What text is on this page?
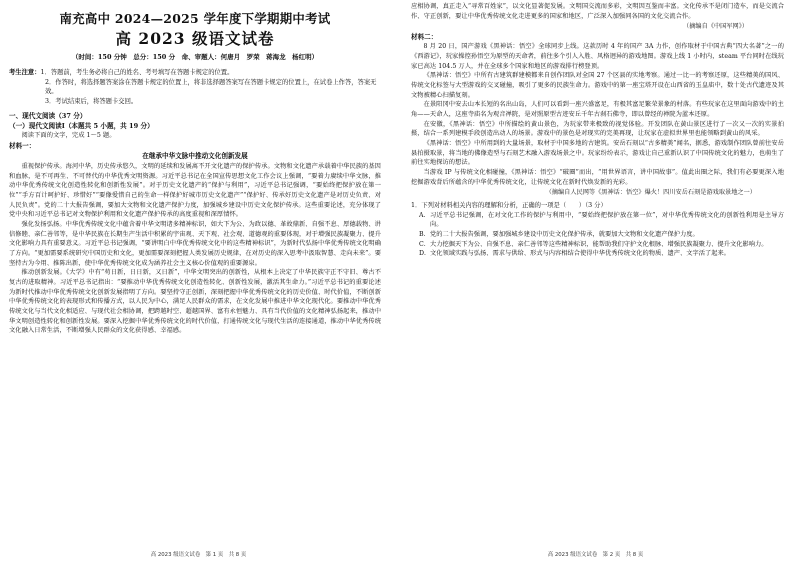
南充高中 2024—2025 学年度下学期期中考试
高 2023 级语文试卷
（时间：150 分钟　总分：150 分　命、审题人：何唐月　罗荣　蒋海龙　杨红明）
考生注意： 1．答题前，考生务必将自己的姓名、考号填写在答题卡规定的位置。
2．作答时，将选择题答案涂在答题卡规定的位置上，将非选择题答案写在答题卡规定的位置上，在试卷上作答，答案无效。
3．考试结束后，将答题卡交回。
一、现代文阅读（37 分）
（一）现代文阅读Ⅰ（本题共 5 小题，共 19 分）

阅读下面的文字，完成 1～5 题。

材料一：
在继承中华文脉中推动文化创新发展

重视保护传承。海河中华，历史传承悠久，文明的延续和发展离不开文化遗产的保护传承。文物和文化遗产承载着中华民族的基因和血脉，是不可再生、不可替代的中华优秀文明资源。习近平总书记在全国宣传思想文化工作会议上强调，“要着力赓续中华文脉，推动中华优秀传统文化创造性转化和创新性发展”。对于历史文化遗产的“保护与利用”，习近平总书记强调，“要始终把保护放在第一位”“手方百计呵护好、珍惜好”“要像爱惜自己的生命一样保护好城市历史文化遗产”“保护好、传承好历史文化遗产是对历史负责、对人民负责”。党的二十大报告强调，要加大文物和文化遗产保护力度，加强城乡建设中历史文化保护传承。这些重要论述，充分体现了党中央和习近平总书记对文物保护利用和文化遗产保护传承的高度重视和深厚情怀。

强化发扬弘扬。中华优秀传统文化中蕴含着中华文明诸多精神标识，如大下为公、为政以德、革故鼎新、自强不息、厚德载物、讲信修睦、亲仁善邻等，是中华民族在长期生产生活中积累的宇宙观、天下观、社会观、道德观的重要体现，对于增强民族凝聚力、提升文化影响力具有重要意义。习近平总书记强调，“要讲明白中华优秀传统文化中的这些精神标识”，为新时代弘扬中华优秀传统文化明确了方向。“更加需要系统研究中国历史和文化，更加需要深刻把握人类发展历史规律，在对历史的深入思考中汲取智慧、走向未来”。要坚持古为今用、推陈出新，使中华优秀传统文化成为涵养社会主义核心价值观的重要源泉。

推动创新发展。《大学》中有“苟日新，日日新，又日新”，中华文明突出的创新性，从根本上决定了中华民族守正不守旧、尊古不复古的进取精神。习近平总书记指出：“要推动中华优秀传统文化创造性转化、创新性发展，激活其生命力。”习近平总书记的重要论述为新时代推动中华优秀传统文化创新发展指明了方向。要坚持守正创新，深刻把握中华优秀传统文化的历史价值、时代价值，不断创新中华优秀传统文化的表现形式和传播方式，以人民为中心，满足人民群众的需求，在文化发展中推进中华文化现代化。要推动中华优秀传统文化与当代文化相适应、与现代社会相协调，把跨越时空、超越国界、富有永恒魅力、具有当代价值的文化精神弘扬起来，推动中华文明创造性转化和创新性发展。要深入挖掘中华优秀传统文化的时代价值，打通传统文化与现代生活的连接通道，推动中华优秀传统文化融入日常生活，不断增强人民群众的文化获得感、幸福感。

高 2023 级语文试卷　第 1 页　共 8 页

应相协调，真正走入“寻常百姓家”，以文化显著促发展。文明国交流而多彩，文明因互鉴而丰富。文化传承不是闭门造车，而是交流合作、守正创新，要让中华优秀传统文化走进更多的国家和地区，广泛深入加强同各国的文化交流合作。

（摘编自《中国军网》）
材料二：

8 月 20 日，国产游戏《黑神话：悟空》全球同步上线。这款历时 4 年的国产 3A 力作，创作取材于中国古典“四大名著”之一的《西游记》，玩家操控孙悟空为原型的天命者，前往多个引人入胜、风格迥异的游戏地图。游戏上线 1 小时内，steam 平台同时在线玩家已高达 104.5 万人，并在全球多个国家和地区的游戏排行榜登顶。

《黑神话：悟空》中所有古建筑群建模都来自创作团队对全国 27 个区县的实地考察。通过一比一的考察还原，这些精美的国风、传统文化标签与大型游戏的交叉碰撞，吸引了更多的民族生命力。游戏中的第一座宝塔开设在山西省的玉皇庙中，数十处古代遗迹及其文物被精心扫描复刻。

在景阳冈中安去山本长短的名出山岛，人们可以看到一座兴盛富足，有极其富足繁荣景象的村落。有些玩家在这里面向游戏中的主角——天命人，这座寺庙名为观音禅院，是对照原型古迹安丘千年古刹石佛寺，即以曾经的禅院为蓝本还原。

在安徽，《黑神话：悟空》中所描绘的黄山景色，为玩家带来极致的视觉体验。开发团队在黄山景区进行了一次又一次的实景拍摄，结合一系列建模手段创造出动人的场景。游戏中的景色是对现实的完美再现，让玩家在虚拟世界里也能领略到黄山的风采。

《黑神话：悟空》中所用到的大量场景，取材于中国多地的古建筑。安岳石刻以“古多精美”闻名，据悉，游戏制作团队曾前往安岳县拍摄取景，将当地的佛像造型与石刻艺术融入游戏场景之中。玩家纷纷表示，游戏让自己重新认识了中国传统文化的魅力，也萌生了前往实地探访的想法。

当游戏 IP 与传统文化相碰撞，《黑神话：悟空》“破圈”而出，“用世界语言，讲中国故事”。值此出圈之际，我们有必要更深入地挖掘游戏背后所蕴含的中华优秀传统文化，让传统文化在新时代焕发新的光彩。

（摘编自人民网等《黑神话：悟空》爆火！四川安岳石刻是游戏取景地之一）
1．下列对材料相关内容的理解和分析，正确的一项是（　　）（3 分）
A． 习近平总书记强调，在对文化工作的保护与利用中，“要始终把保护放在第一位”，对中华优秀传统文化的创新性利用是主导方向。
B． 党的二十大报告强调，要加强城乡建设中历史文化保护传承，就要加大文物和文化遗产保护力度。
C． 大力挖掘天下为公、自强不息、亲仁善邻等这些精神标识，能帮助我们守护文化根脉、增强民族凝聚力、提升文化影响力。
D． 文化领域实践与弘扬、需求与供给、形式与内容相结合使得中华优秀传统文化的物质、遗产、文字活了起来。
高 2023 级语文试卷　第 2 页　共 8 页
